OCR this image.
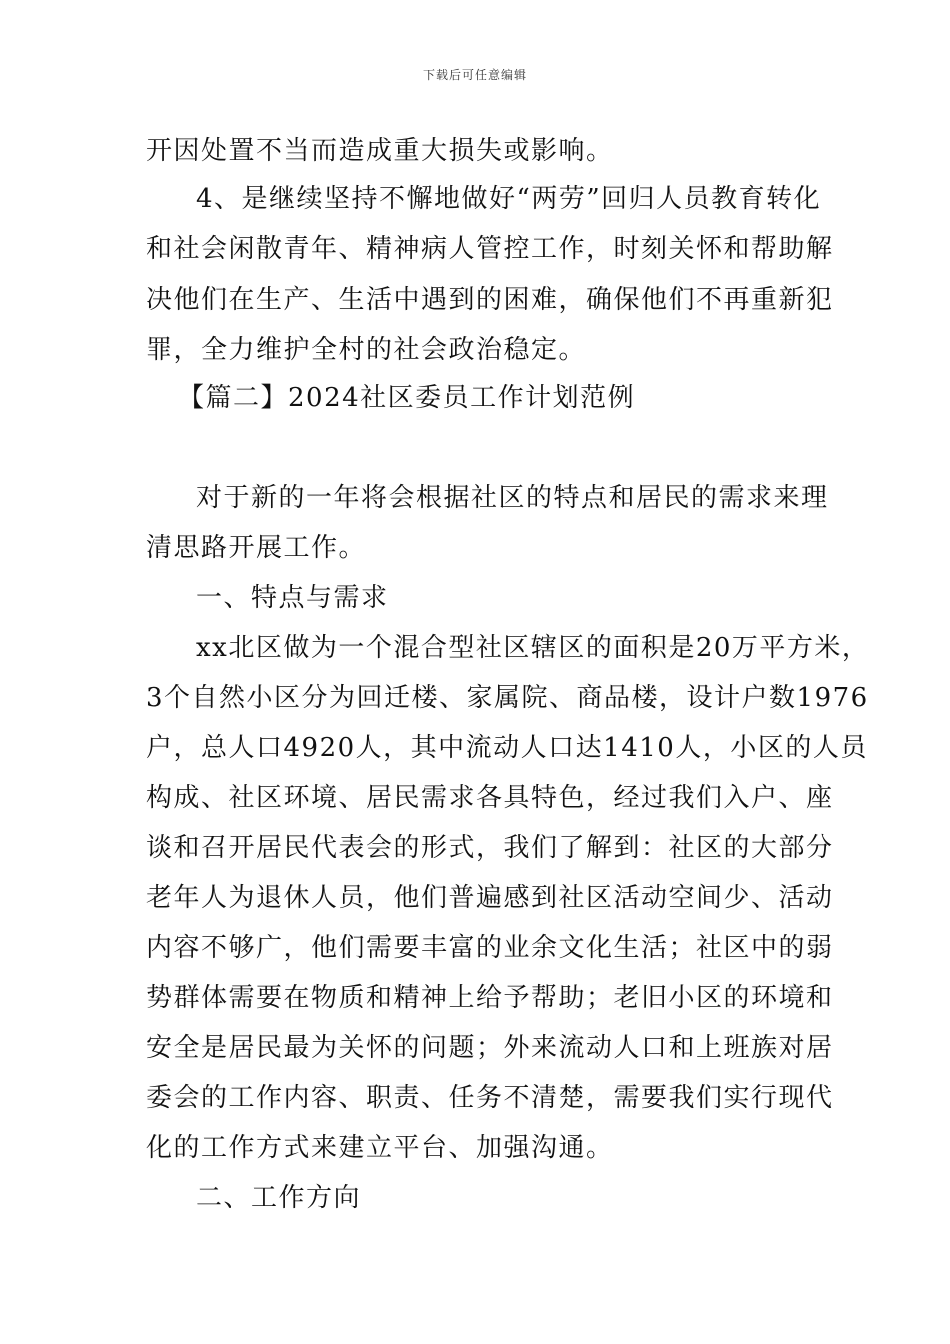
下载后可任意编辑
开因处置不当而造成重大损失或影响。
4、是继续坚持不懈地做好“两劳”回归人员教育转化
和社会闲散青年、精神病人管控工作，时刻关怀和帮助解
决他们在生产、生活中遇到的困难，确保他们不再重新犯
罪，全力维护全村的社会政治稳定。
【篇二】2024社区委员工作计划范例
对于新的一年将会根据社区的特点和居民的需求来理
清思路开展工作。
一、特点与需求
xx北区做为一个混合型社区辖区的面积是20万平方米，
3个自然小区分为回迁楼、家属院、商品楼，设计户数1976
户，总人口4920人，其中流动人口达1410人，小区的人员
构成、社区环境、居民需求各具特色，经过我们入户、座
谈和召开居民代表会的形式，我们了解到：社区的大部分
老年人为退休人员，他们普遍感到社区活动空间少、活动
内容不够广，他们需要丰富的业余文化生活；社区中的弱
势群体需要在物质和精神上给予帮助；老旧小区的环境和
安全是居民最为关怀的问题；外来流动人口和上班族对居
委会的工作内容、职责、任务不清楚，需要我们实行现代
化的工作方式来建立平台、加强沟通。
二、工作方向
